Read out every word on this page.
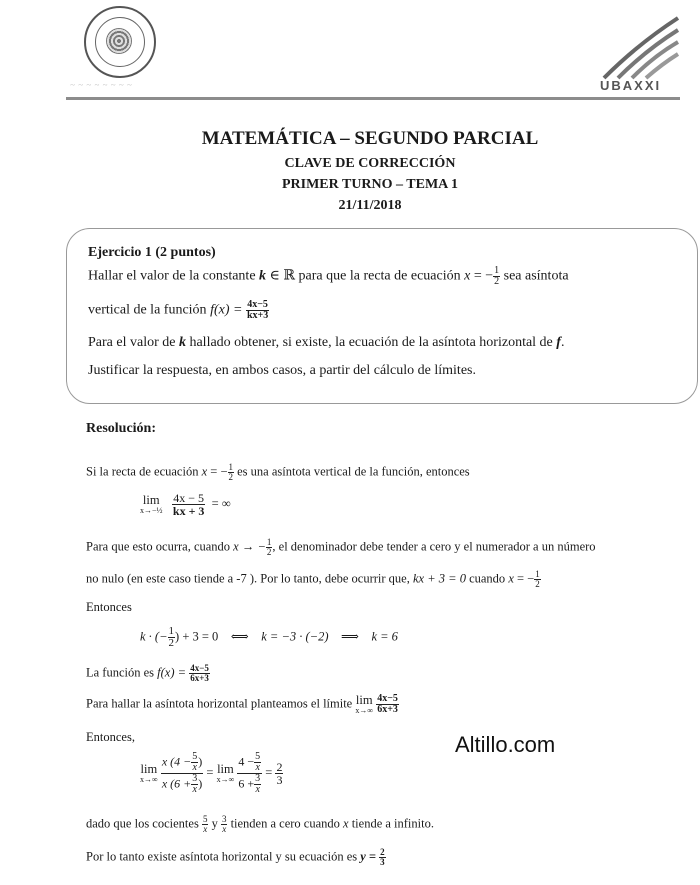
~ ~ ~ ~ ~ ~ ~ ~	UBAXXI
MATEMÁTICA – SEGUNDO PARCIAL
CLAVE DE CORRECCIÓN
PRIMER TURNO – TEMA 1
21/11/2018
Ejercicio 1 (2 puntos)
Hallar el valor de la constante k ∈ ℝ para que la recta de ecuación x = − $\frac{1}{2}$ sea asíntota
vertical de la función $f(x) = \frac{4x-5}{kx+3}$
Para el valor de k hallado obtener, si existe, la ecuación de la asíntota horizontal de f.
Justificar la respuesta, en ambos casos, a partir del cálculo de límites.
Resolución:
Si la recta de ecuación x = − $\frac{1}{2}$ es una asíntota vertical de la función, entonces
lim
x→−½
$\frac{4x - 5}{kx + 3}$ = ∞
Para que esto ocurra, cuando x → − $\frac{1}{2}$ , el denominador debe tender a cero y el numerador a un número
no nulo (en este caso tiende a -7 ). Por lo tanto, debe ocurrir que, kx + 3 = 0 cuando x = − $\frac{1}{2}$
Entonces
k · (− $\frac{1}{2}$ ) + 3 = 0 ⟺ k = −3 · (−2) ⟹ k = 6
La función es $f(x) = \frac{4x-5}{6x+3}$
Para hallar la asíntota horizontal planteamos el límite lim
x→∞
$\frac{4x-5}{6x+3}$
Entonces,
lim
x→∞
$\frac{x (4 - \frac{5}{x} )}{x (6 + \frac{3}{x} )} = \lim$
x→∞
$\frac{4 - \frac{5}{x}}{6 + \frac{3}{x}} = \frac{2}{3}$
dado que los cocientes $\frac{5}{x}$ y $\frac{3}{x}$ tienden a cero cuando x tiende a infinito.
Por lo tanto existe asíntota horizontal y su ecuación es $y = \frac{2}{3}$
Altillo.com
